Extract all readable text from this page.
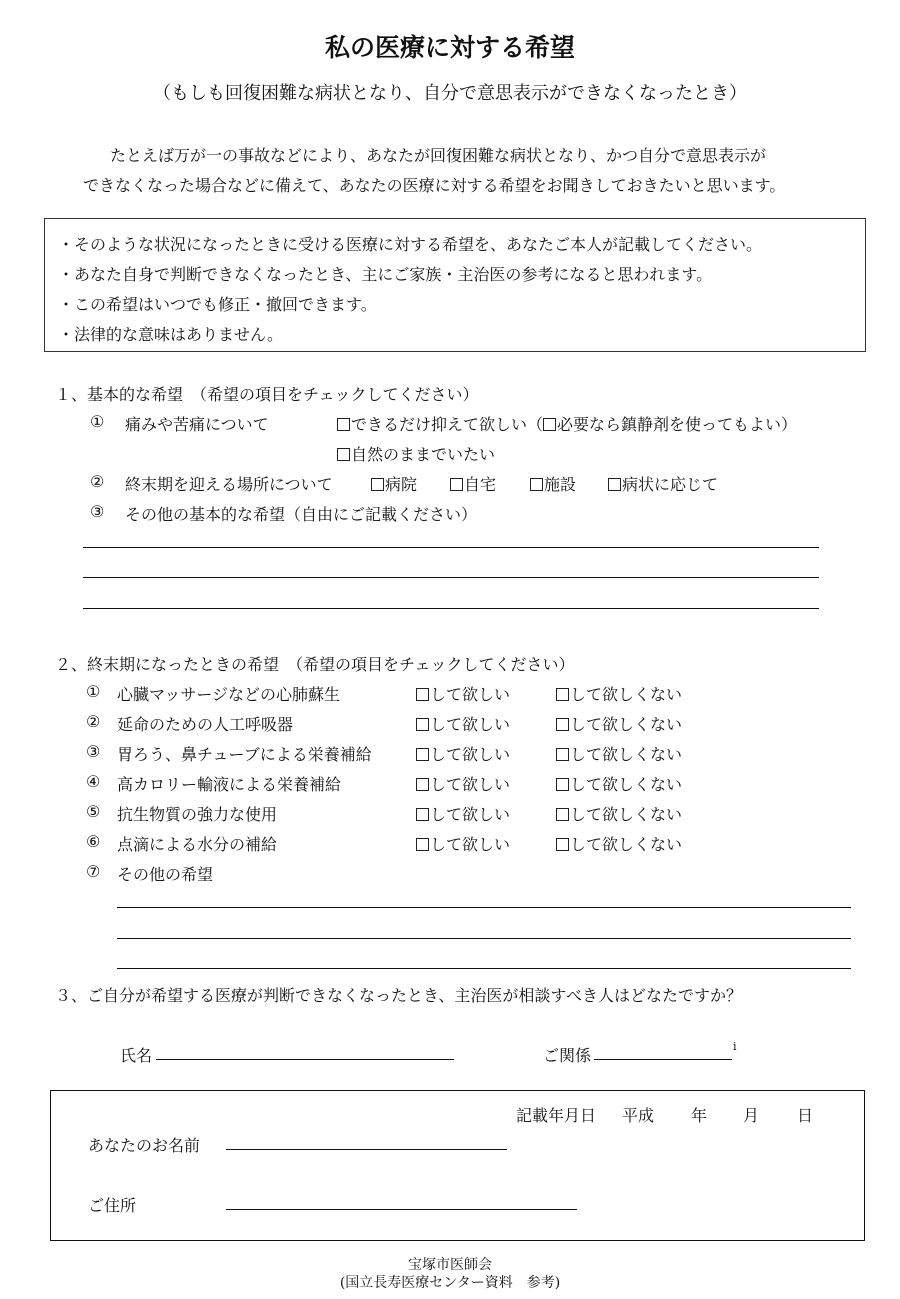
私の医療に対する希望
（もしも回復困難な病状となり、自分で意思表示ができなくなったとき）
たとえば万が一の事故などにより、あなたが回復困難な病状となり、かつ自分で意思表示が
できなくなった場合などに備えて、あなたの医療に対する希望をお聞きしておきたいと思います。
・そのような状況になったときに受ける医療に対する希望を、あなたご本人が記載してください。
・あなた自身で判断できなくなったとき、主にご家族・主治医の参考になると思われます。
・この希望はいつでも修正・撤回できます。
・法律的な意味はありません。
１、基本的な希望　（希望の項目をチェックしてください）
① 痛みや苦痛について	できるだけ抑えて欲しい（ 必要なら鎮静剤を使ってもよい）
自然のままでいたい
② 終末期を迎える場所について	病院	自宅	施設	病状に応じて
③ その他の基本的な希望（自由にご記載ください）
２、終末期になったときの希望　（希望の項目をチェックしてください）
① 心臓マッサージなどの心肺蘇生	して欲しい	して欲しくない
② 延命のための人工呼吸器	して欲しい	して欲しくない
③ 胃ろう、鼻チューブによる栄養補給	して欲しい	して欲しくない
④ 高カロリー輸液による栄養補給	して欲しい	して欲しくない
⑤ 抗生物質の強力な使用	して欲しい	して欲しくない
⑥ 点滴による水分の補給	して欲しい	して欲しくない
⑦ その他の希望
３、ご自分が希望する医療が判断できなくなったとき、主治医が相談すべき人はどなたですか？
氏名	ご関係	i
記載年月日 平成 年 月 日
あなたのお名前
ご住所
宝塚市医師会
(国立長寿医療センター資料　参考)
